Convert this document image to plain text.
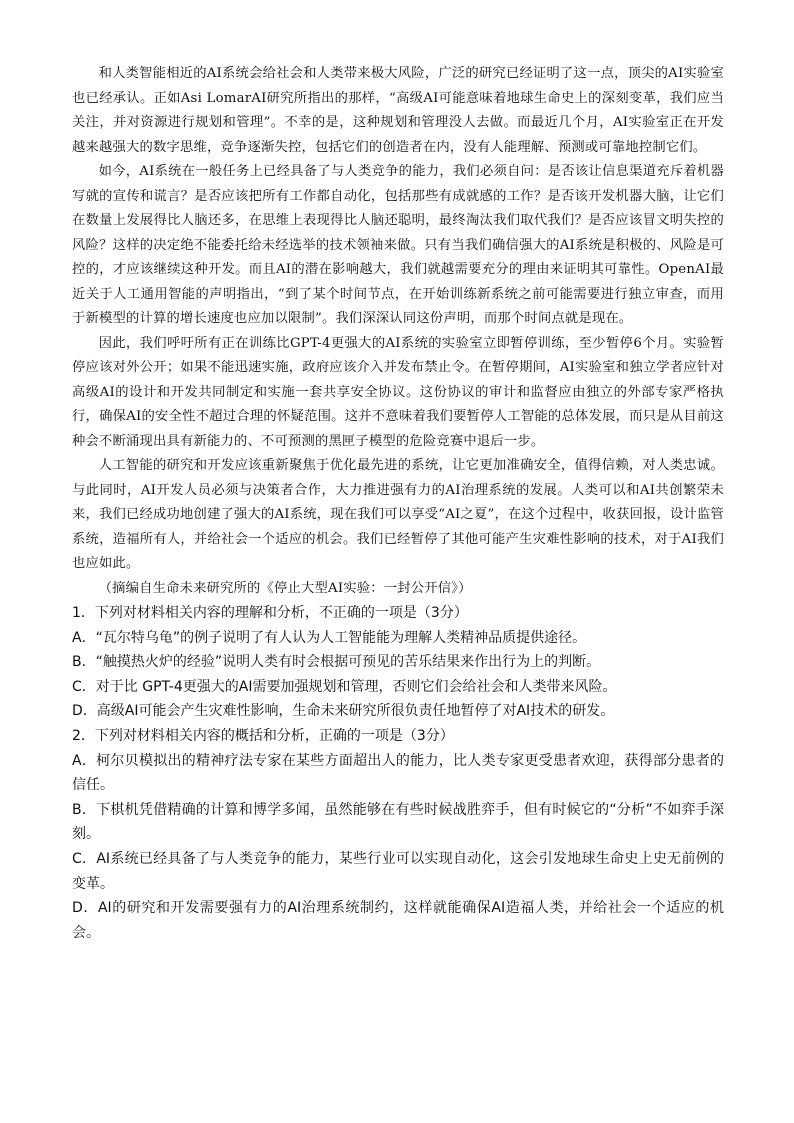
和人类智能相近的AI系统会给社会和人类带来极大风险，广泛的研究已经证明了这一点，顶尖的AI实验室也已经承认。正如Asi LomarAI研究所指出的那样，“高级AI可能意味着地球生命史上的深刻变革，我们应当关注，并对资源进行规划和管理”。不幸的是，这种规划和管理没人去做。而最近几个月，AI实验室正在开发越来越强大的数字思维，竞争逐渐失控，包括它们的创造者在内，没有人能理解、预测或可靠地控制它们。

如今，AI系统在一般任务上已经具备了与人类竞争的能力，我们必须自问：是否该让信息渠道充斥着机器写就的宣传和谎言？是否应该把所有工作都自动化，包括那些有成就感的工作？是否该开发机器大脑，让它们在数量上发展得比人脑还多，在思维上表现得比人脑还聪明，最终淘汰我们取代我们？是否应该冒文明失控的风险？这样的决定绝不能委托给未经选举的技术领袖来做。只有当我们确信强大的AI系统是积极的、风险是可控的，才应该继续这种开发。而且AI的潜在影响越大，我们就越需要充分的理由来证明其可靠性。OpenAI最近关于人工通用智能的声明指出，“到了某个时间节点，在开始训练新系统之前可能需要进行独立审查，而用于新模型的计算的增长速度也应加以限制”。我们深深认同这份声明，而那个时间点就是现在。

因此，我们呼吁所有正在训练比GPT-4更强大的AI系统的实验室立即暂停训练，至少暂停6个月。实验暂停应该对外公开；如果不能迅速实施，政府应该介入并发布禁止令。在暂停期间，AI实验室和独立学者应针对高级AI的设计和开发共同制定和实施一套共享安全协议。这份协议的审计和监督应由独立的外部专家严格执行，确保AI的安全性不超过合理的怀疑范围。这并不意味着我们要暂停人工智能的总体发展，而只是从目前这种会不断涌现出具有新能力的、不可预测的黑匣子模型的危险竞赛中退后一步。

人工智能的研究和开发应该重新聚焦于优化最先进的系统，让它更加准确安全，值得信赖，对人类忠诚。与此同时，AI开发人员必须与决策者合作，大力推进强有力的AI治理系统的发展。人类可以和AI共创繁荣未来，我们已经成功地创建了强大的AI系统，现在我们可以享受“AI之夏”，在这个过程中，收获回报，设计监管系统，造福所有人，并给社会一个适应的机会。我们已经暂停了其他可能产生灾难性影响的技术，对于AI我们也应如此。

（摘编自生命未来研究所的《停止大型AI实验：一封公开信》）

1．下列对材料相关内容的理解和分析，不正确的一项是（3分）

A．“瓦尔特乌龟”的例子说明了有人认为人工智能能为理解人类精神品质提供途径。

B．“触摸热火炉的经验”说明人类有时会根据可预见的苦乐结果来作出行为上的判断。

C．对于比 GPT-4更强大的AI需要加强规划和管理，否则它们会给社会和人类带来风险。

D．高级AI可能会产生灾难性影响，生命未来研究所很负责任地暂停了对AI技术的研发。

2．下列对材料相关内容的概括和分析，正确的一项是（3分）

A．柯尔贝模拟出的精神疗法专家在某些方面超出人的能力，比人类专家更受患者欢迎，获得部分患者的信任。

B．下棋机凭借精确的计算和博学多闻，虽然能够在有些时候战胜弈手，但有时候它的“分析”不如弈手深刻。

C．AI系统已经具备了与人类竞争的能力，某些行业可以实现自动化，这会引发地球生命史上史无前例的变革。

D．AI的研究和开发需要强有力的AI治理系统制约，这样就能确保AI造福人类，并给社会一个适应的机会。
